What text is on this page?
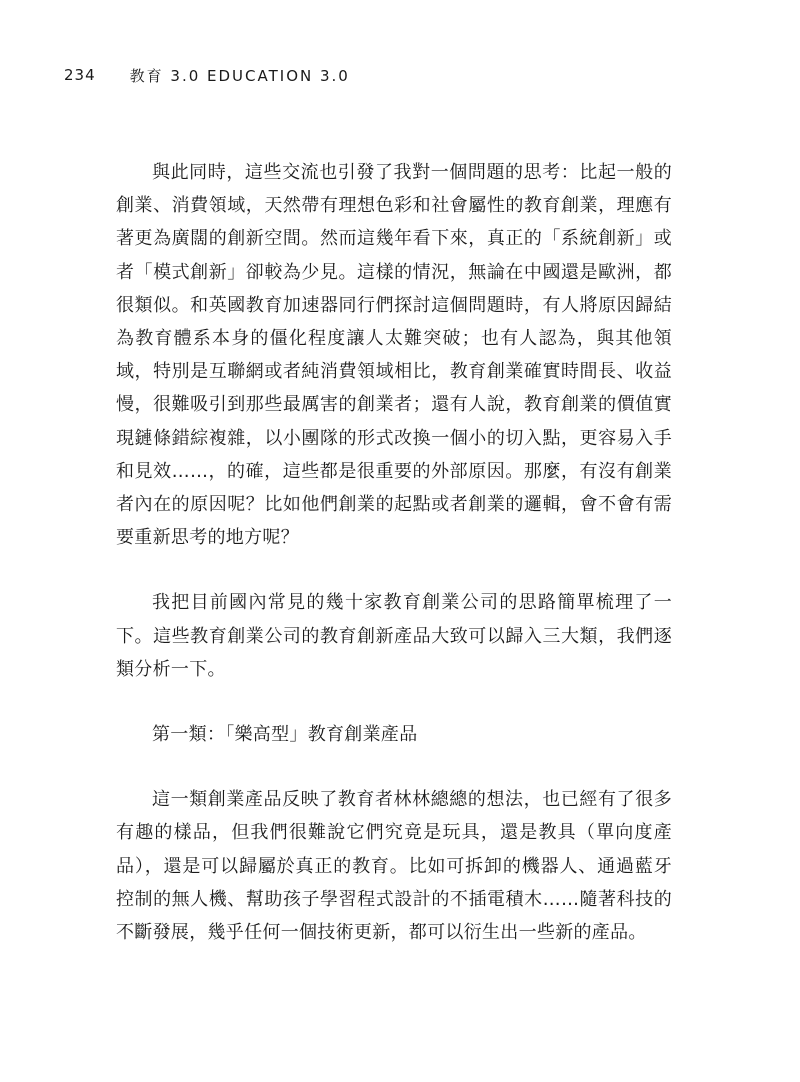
234 教育 3.0 EDUCATION 3.0

與此同時，這些交流也引發了我對一個問題的思考：比起一般的創業、消費領域，天然帶有理想色彩和社會屬性的教育創業，理應有著更為廣闊的創新空間。然而這幾年看下來，真正的「系統創新」或者「模式創新」卻較為少見。這樣的情況，無論在中國還是歐洲，都很類似。和英國教育加速器同行們探討這個問題時，有人將原因歸結為教育體系本身的僵化程度讓人太難突破；也有人認為，與其他領域，特別是互聯網或者純消費領域相比，教育創業確實時間長、收益慢，很難吸引到那些最厲害的創業者；還有人說，教育創業的價值實現鏈條錯綜複雜，以小團隊的形式改換一個小的切入點，更容易入手和見效……，的確，這些都是很重要的外部原因。那麼，有沒有創業者內在的原因呢？比如他們創業的起點或者創業的邏輯，會不會有需要重新思考的地方呢？

我把目前國內常見的幾十家教育創業公司的思路簡單梳理了一下。這些教育創業公司的教育創新產品大致可以歸入三大類，我們逐類分析一下。

第一類：「樂高型」教育創業產品

這一類創業產品反映了教育者林林總總的想法，也已經有了很多有趣的樣品，但我們很難說它們究竟是玩具，還是教具（單向度產品），還是可以歸屬於真正的教育。比如可拆卸的機器人、通過藍牙控制的無人機、幫助孩子學習程式設計的不插電積木……隨著科技的不斷發展，幾乎任何一個技術更新，都可以衍生出一些新的產品。
